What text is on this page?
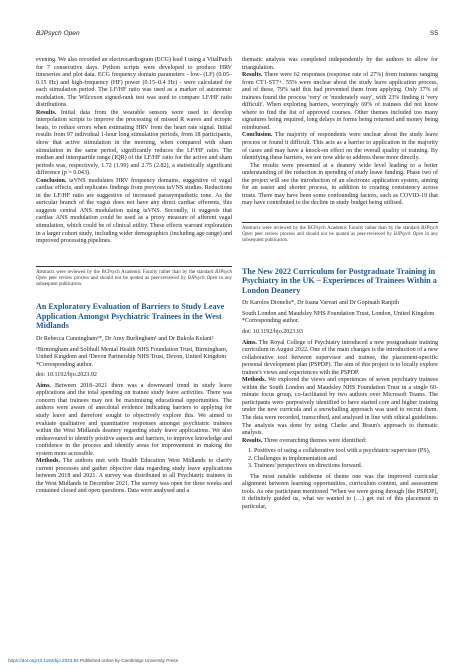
BJPsych Open	S5

evening. We also recorded an electrocardiogram (ECG) lead I using a VitalPatch for 7 consecutive days. Python scripts were developed to produce HRV timeseries and plot data. ECG frequency domain parameters - low- (LF) (0.05–0.15 Hz) and high-frequency (HF) power (0.15–0.4 Hz) - were calculated for each stimulation period. The LF/HF ratio was used as a marker of autonomic modulation. The Wilcoxon signed-rank test was used to compare LF/HF ratio distributions.

Results. Initial data from the wearable sensors were used to develop interpolation scripts to improve the processing of missed R waves and ectopic beats, to reduce errors when estimating HRV from the heart rate signal. Initial results from 97 individual 1-hour long stimulation periods, from 18 participants, show that active stimulation in the morning, when compared with sham stimulation in the same period, significantly reduces the LF/HF ratio. The median and interquartile range (IQR) of the LF/HF ratio for the active and sham periods was, respectively, 1.72 (1.99) and 2.75 (2.82), a statistically significant difference (p = 0.043).

Conclusion. taVNS modulates HRV frequency domains, suggestive of vagal cardiac effects, and replicates findings from previous taVNS studies. Reductions in the LF/HF ratio are suggestive of increased parasympathetic tone. As the auricular branch of the vagus does not have any direct cardiac efferents, this suggests central ANS modulation using taVNS. Secondly, it suggests that cardiac ANS modulation could be used as a proxy measure of afferent vagal stimulation, which could be of clinical utility. These effects warrant exploration in a larger cohort study, including wider demographics (including age range) and improved processing pipelines.

Abstracts were reviewed by the BCPsych Academic Faculty rather than by the standard BJPsych Open peer review process and should not be quoted as peer-reviewed by BJPsych Open in any subsequent publication.
An Exploratory Evaluation of Barriers to Study Leave Application Amongst Psychiatric Trainees in the West Midlands

Dr Rebecca Cunningham¹*, Dr Amy Burlingham¹ and Dr Bukola Kelani²

¹Birmingham and Solihull Mental Health NHS Foundation Trust, Birmingham, United Kingdom and ²Devon Partnership NHS Trust, Devon, United Kingdom

*Corresponding author.

doi: 10.1192/bjo.2023.92

Aims. Between 2018–2021 there was a downward trend in study leave applications and the total spending on trainee study leave activities. There was concern that trainees may not be maximising educational opportunities. The authors were aware of anecdotal evidence indicating barriers to applying for study leave and therefore sought to objectively explore this. We aimed to evaluate qualitative and quantitative responses amongst psychiatric trainees within the West Midlands deanery regarding study leave applications. We also endeavoured to identify positive aspects and barriers, to improve knowledge and confidence in the process and identify areas for improvement in making the system more accessible.

Methods. The authors met with Health Education West Midlands to clarify current processes and gather objective data regarding study leave applications between 2018 and 2021. A survey was distributed to all Psychiatric trainees in the West Midlands in December 2021. The survey was open for three weeks and contained closed and open questions. Data were analysed and a

thematic analysis was completed independently by the authors to allow for triangulation.

Results. There were 62 responses (response rate of 27%) from trainees ranging from CT1-ST7+. 55% were unclear about the study leave application process, and of these, 79% said this had prevented them from applying. Only 37% of trainees found the process 'very' or 'moderately easy', with 23% finding it 'very difficult'. When exploring barriers, worryingly 69% of trainees did not know where to find the list of approved courses. Other themes included too many signatures being required, long delays in forms being returned and money being reimbursed.

Conclusion. The majority of respondents were unclear about the study leave process or found it difficult. This acts as a barrier to application in the majority of cases and may have a knock-on effect on the overall quality of training. By identifying these barriers, we are now able to address these more directly.

The results were presented at a deanery wide level leading to a better understanding of the reduction in spending of study leave funding. Phase two of the project will see the introduction of an electronic application system, aiming for an easier and shorter process, in addition to creating consistency across trusts. There may have been some confounding factors, such as COVID-19 that may have contributed to the decline in study budget being utilised.

Abstracts were reviewed by the BCPsych Academic Faculty rather than by the standard BJPsych Open peer review process and should not be quoted as peer-reviewed by BJPsych Open in any subsequent publication.
The New 2022 Curriculum for Postgraduate Training in Psychiatry in the UK – Experiences of Trainees Within a London Deanery

Dr Karolos Dionelis*, Dr Ioana Varvari and Dr Gopinath Ranjith

South London and Maudsley NHS Foundation Trust, London, United Kingdom

*Corresponding author.

doi: 10.1192/bjo.2023.93

Aims. The Royal College of Psychiatry introduced a new postgraduate training curriculum in August 2022. One of the main changes is the introduction of a new collaborative tool between supervisor and trainee, the placement-specific personal development plan (PSPDP). The aim of this project is to locally explore trainee's views and experiences with the PSPDP.

Methods. We explored the views and experiences of seven psychiatry trainees within the South London and Maudsley NHS Foundation Trust in a single 60-minute focus group, co-facilitated by two authors over Microsoft Teams. The participants were purposively identified to have started core and higher training under the new curricula and a snowballing approach was used to recruit them. The data were recorded, transcribed, and analysed in line with ethical guidelines. The analysis was done by using Clarke and Braun's approach to thematic analysis.

Results. Three overarching themes were identified:

1. Positives of using a collaborative tool with a psychiatric supervisor (PS),
2. Challenges in implementation and
3. Trainees' perspectives on directions forward.

The most notable subtheme of theme one was the improved curricular alignment between learning opportunities, curriculum content, and assessment tools. As one participant mentioned "When we were going through [the PSPDP], it definitely guided us, what we wanted to (…) get out of this placement in particular,

https://doi.org/10.1192/bjo.2023.92 Published online by Cambridge University Press
